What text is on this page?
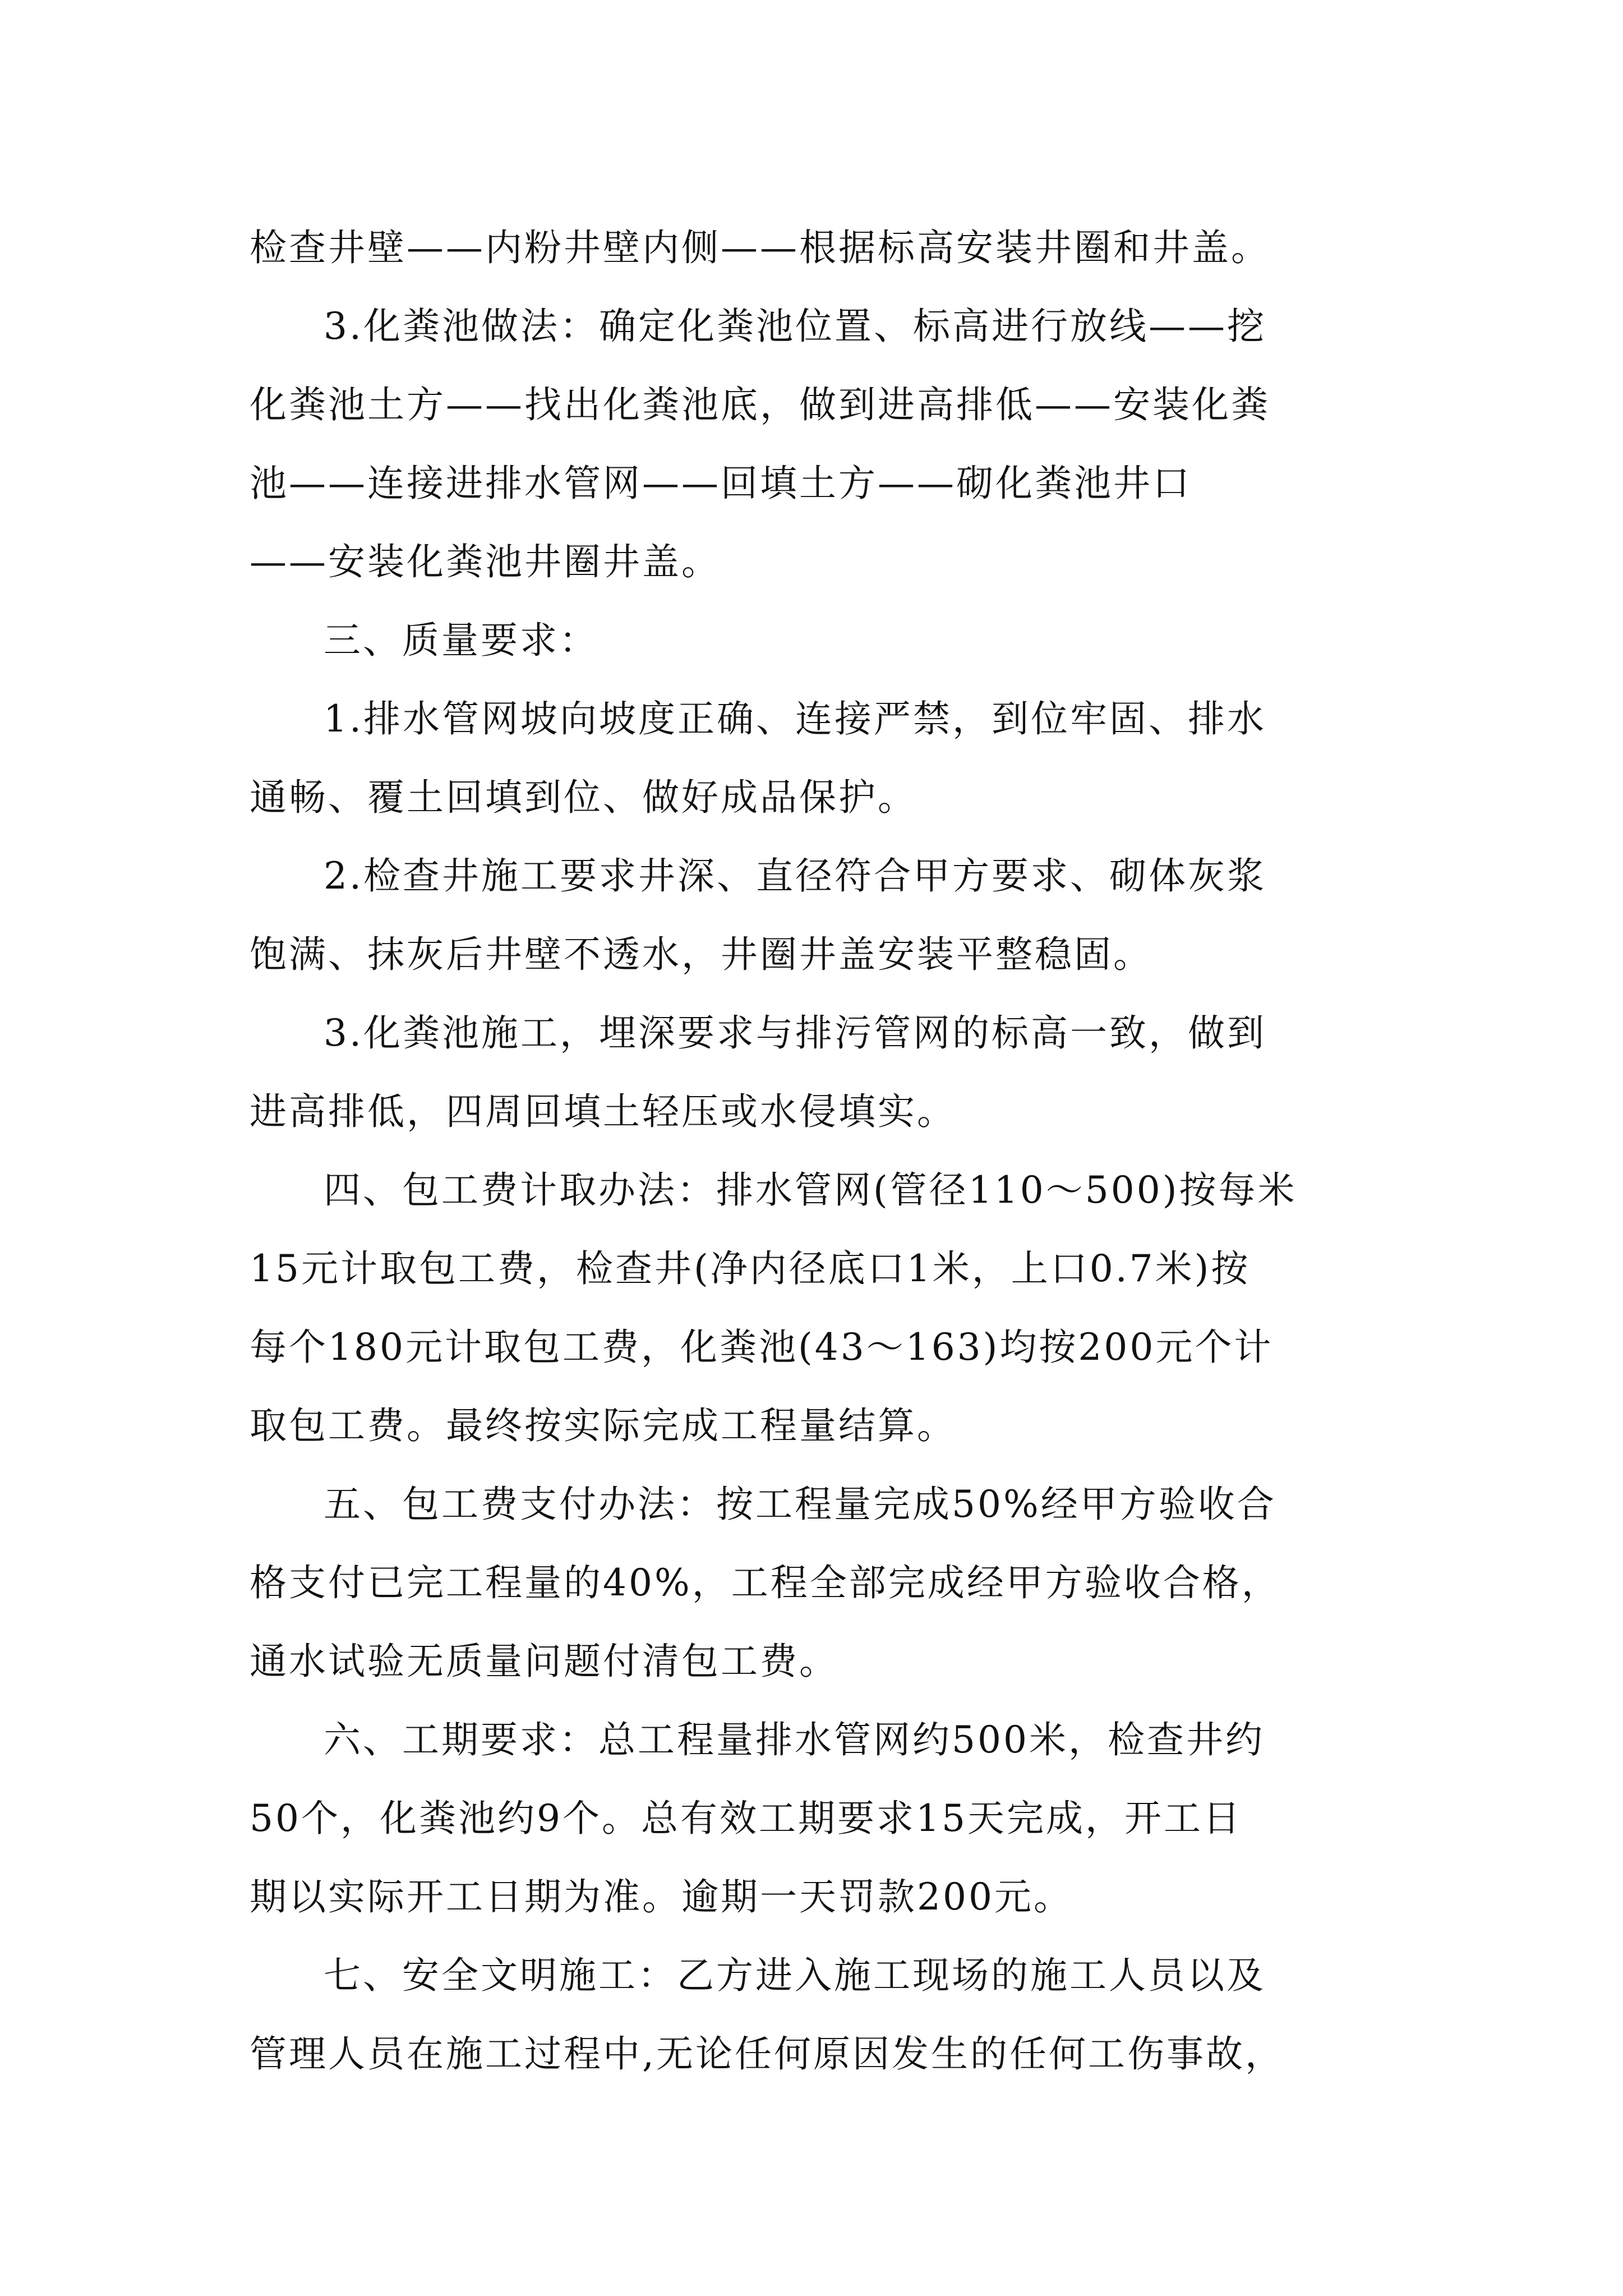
检查井壁——内粉井壁内侧——根据标高安装井圈和井盖。
3.化粪池做法：确定化粪池位置、标高进行放线——挖
化粪池土方——找出化粪池底，做到进高排低——安装化粪
池——连接进排水管网——回填土方——砌化粪池井口
——安装化粪池井圈井盖。
三、质量要求：
1.排水管网坡向坡度正确、连接严禁，到位牢固、排水
通畅、覆土回填到位、做好成品保护。
2.检查井施工要求井深、直径符合甲方要求、砌体灰浆
饱满、抹灰后井壁不透水，井圈井盖安装平整稳固。
3.化粪池施工，埋深要求与排污管网的标高一致，做到
进高排低，四周回填土轻压或水侵填实。
四、包工费计取办法：排水管网(管径110～500)按每米
15元计取包工费，检查井(净内径底口1米，上口0.7米)按
每个180元计取包工费，化粪池(43～163)均按200元个计
取包工费。最终按实际完成工程量结算。
五、包工费支付办法：按工程量完成50%经甲方验收合
格支付已完工程量的40%，工程全部完成经甲方验收合格，
通水试验无质量问题付清包工费。
六、工期要求：总工程量排水管网约500米，检查井约
50个，化粪池约9个。总有效工期要求15天完成，开工日
期以实际开工日期为准。逾期一天罚款200元。
七、安全文明施工：乙方进入施工现场的施工人员以及
管理人员在施工过程中,无论任何原因发生的任何工伤事故，
